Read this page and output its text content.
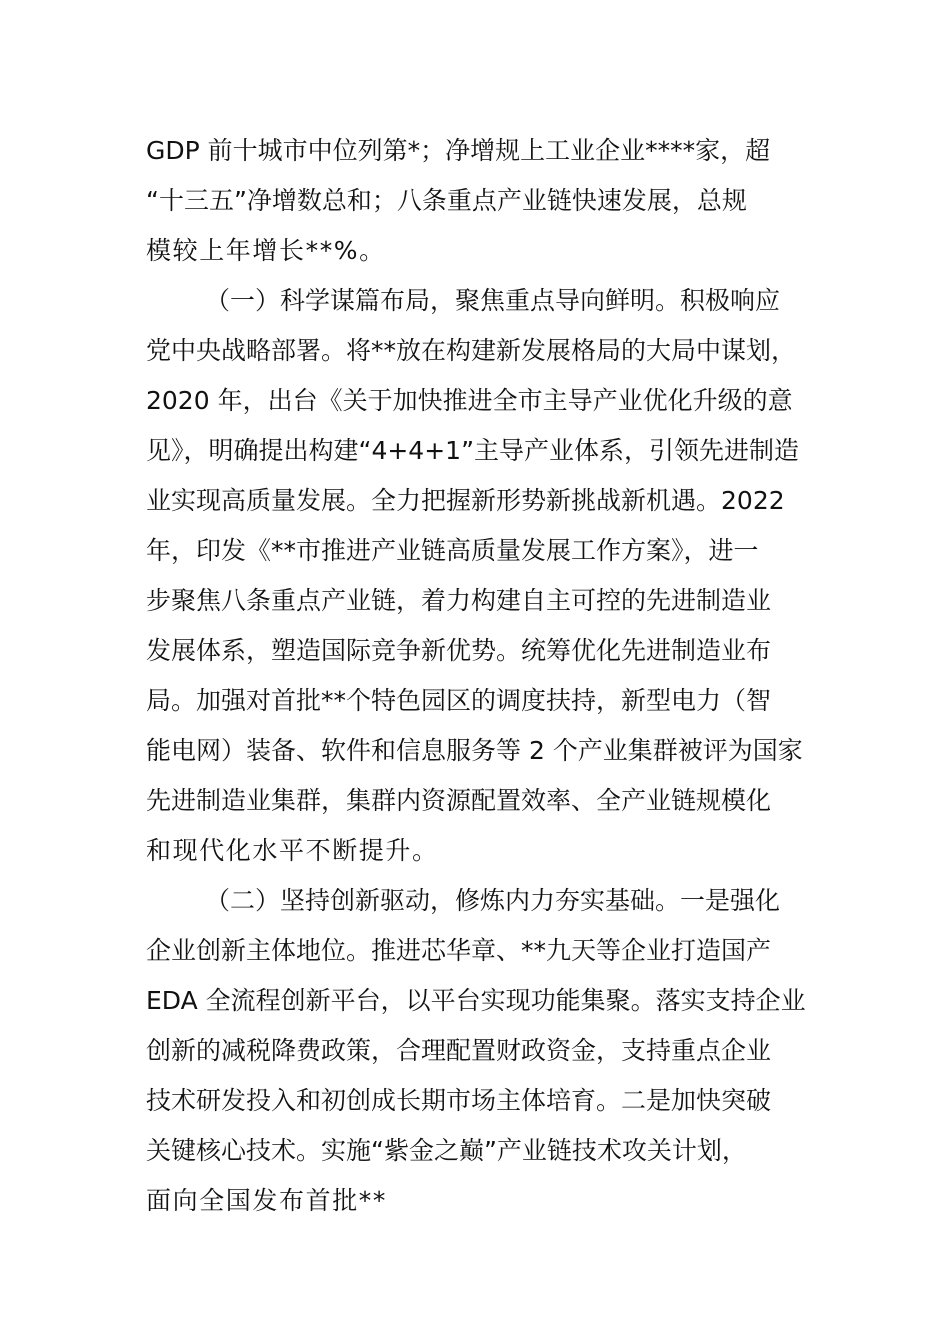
GDP 前十城市中位列第*；净增规上工业企业****家，超
“十三五”净增数总和；八条重点产业链快速发展，总规
模较上年增长**%。
（一）科学谋篇布局，聚焦重点导向鲜明。积极响应
党中央战略部署。将**放在构建新发展格局的大局中谋划，
2020 年，出台《关于加快推进全市主导产业优化升级的意
见》，明确提出构建“4+4+1”主导产业体系，引领先进制造
业实现高质量发展。全力把握新形势新挑战新机遇。2022
年，印发《**市推进产业链高质量发展工作方案》，进一
步聚焦八条重点产业链，着力构建自主可控的先进制造业
发展体系，塑造国际竞争新优势。统筹优化先进制造业布
局。加强对首批**个特色园区的调度扶持，新型电力（智
能电网）装备、软件和信息服务等 2 个产业集群被评为国家
先进制造业集群，集群内资源配置效率、全产业链规模化
和现代化水平不断提升。
（二）坚持创新驱动，修炼内力夯实基础。一是强化
企业创新主体地位。推进芯华章、**九天等企业打造国产
EDA 全流程创新平台，以平台实现功能集聚。落实支持企业
创新的减税降费政策，合理配置财政资金，支持重点企业
技术研发投入和初创成长期市场主体培育。二是加快突破
关键核心技术。实施“紫金之巅”产业链技术攻关计划，
面向全国发布首批**
